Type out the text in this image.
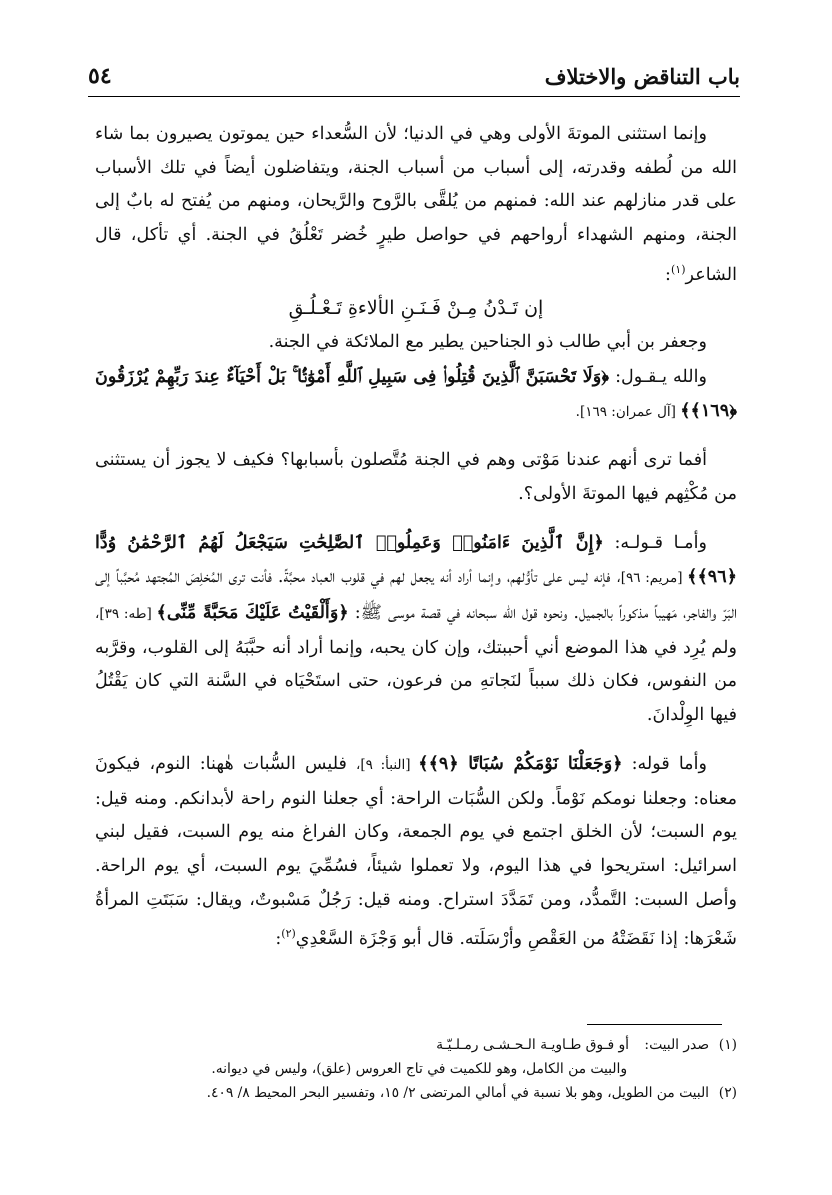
باب التناقض والاختلاف
٥٤

وإنما استثنى الموتةَ الأولى وهي في الدنيا؛ لأن السُّعداء حين يموتون يصيرون بما شاء الله من لُطفه وقدرته، إلى أسباب من أسباب الجنة، ويتفاضلون أيضاً في تلك الأسباب على قدر منازلهم عند الله: فمنهم من يُلقَّى بالرَّوح والرَّيحان، ومنهم من يُفتح له بابٌ إلى الجنة، ومنهم الشهداء أرواحهم في حواصل طيرٍ خُضر تَعْلُقُ في الجنة. أي تأكل، قال الشاعر$^{(١)}$:

إن تَـدْنُ مِـنْ فَـنَـنِ الألاءةِ تَـعْـلُـقِ

وجعفر بن أبي طالب ذو الجناحين يطير مع الملائكة في الجنة.

والله يـقـول: ﴿وَلَا تَحْسَبَنَّ ٱلَّذِينَ قُتِلُوا۟ فِى سَبِيلِ ٱللَّهِ أَمْوَٰتًۢا ۚ بَلْ أَحْيَآءٌ عِندَ رَبِّهِمْ يُرْزَقُونَ ﴿١٦٩﴾﴾ [آل عمران: ١٦٩].

أفما ترى أنهم عندنا مَوْتى وهم في الجنة مُتَّصلون بأسبابها؟ فكيف لا يجوز أن يستثنى من مُكْثِهم فيها الموتةَ الأولى؟.

وأمـا قـولـه: ﴿إِنَّ ٱلَّذِينَ ءَامَنُوا۟ وَعَمِلُوا۟ ٱلصَّٰلِحَٰتِ سَيَجْعَلُ لَهُمُ ٱلرَّحْمَٰنُ وُدًّا ﴿٩٦﴾﴾ [مريم: ٩٦]، فإنه ليس على تأوُّلهم، وإنما أراد أنه يجعل لهم في قلوب العباد محبَّةً. فأنت ترى المُخلِصَ المُجتهد مُحبَّباً إلى البَرّ والفاجر، مَهيباً مذكوراً بالجميل. ونحوه قول الله سبحانه في قصة موسى ﷺ: ﴿وَأَلْقَيْتُ عَلَيْكَ مَحَبَّةً مِّنِّى﴾ [طه: ٣٩]، ولم يُرِد في هذا الموضع أني أحببتك، وإن كان يحبه، وإنما أراد أنه حبَّبَهُ إلى القلوب، وقرَّبه من النفوس، فكان ذلك سبباً لنَجاتهِ من فرعون، حتى استَحْيَاه في السَّنة التي كان يَقْتُلُ فيها الوِلْدانَ.

وأما قوله: ﴿وَجَعَلْنَا نَوْمَكُمْ سُبَاتًا ﴿٩﴾﴾ [النبأ: ٩]، فليس السُّبات هٰهنا: النوم، فيكونَ معناه: وجعلنا نومكم نَوْماً. ولكن السُّبَات الراحة: أي جعلنا النوم راحة لأبدانكم. ومنه قيل: يوم السبت؛ لأن الخلق اجتمع في يوم الجمعة، وكان الفراغ منه يوم السبت، فقيل لبني اسرائيل: استريحوا في هذا اليوم، ولا تعملوا شيئاً، فسُمِّيَ يوم السبت، أي يوم الراحة. وأصل السبت: التَّمدُّد، ومن تَمَدَّدَ استراح. ومنه قيل: رَجُلٌ مَسْبوتٌ، ويقال: سَبَتَتِ المرأةُ شَعْرَها: إذا نَقَضَتْهُ من العَقْصِ وأرْسَلَته. قال أبو وَجْزَة السَّعْدِي$^{(٢)}$:

(١)
صدر البيت:
أو فـوق طـاويـة الـحـشـى رمـلـيّـة
والبيت من الكامل، وهو للكميت في تاج العروس (علق)، وليس في ديوانه.
(٢)
البيت من الطويل، وهو بلا نسبة في أمالي المرتضى ٢/ ١٥، وتفسير البحر المحيط ٨/ ٤٠٩.
